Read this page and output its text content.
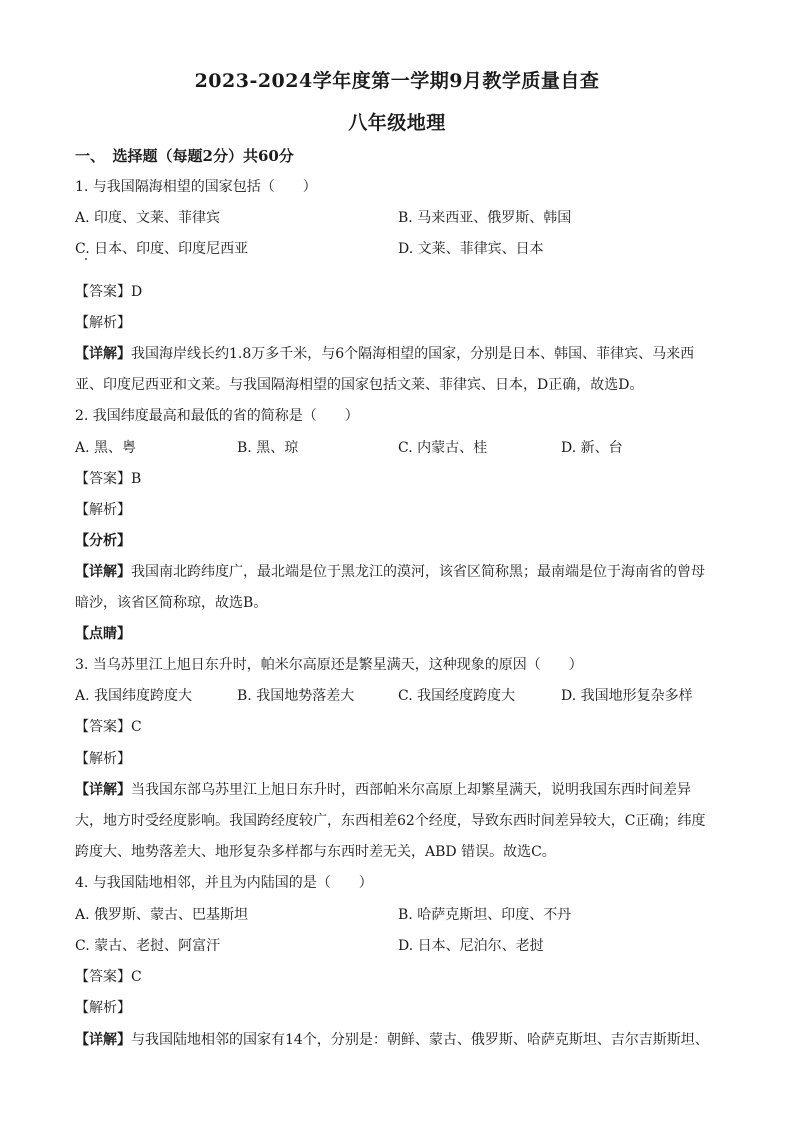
2023-2024学年度第一学期9月教学质量自查
八年级地理
一、　选择题（每题2分）共60分
1. 与我国隔海相望的国家包括（　　）
A. 印度、文莱、菲律宾	B. 马来西亚、俄罗斯、韩国
C. 日本、印度、印度尼西亚	D. 文莱、菲律宾、日本
【答案】D
【解析】
【详解】我国海岸线长约1.8万多千米，与6个隔海相望的国家，分别是日本、韩国、菲律宾、马来西
亚、印度尼西亚和文莱。与我国隔海相望的国家包括文莱、菲律宾、日本，D正确，故选D。
2. 我国纬度最高和最低的省的简称是（　　）
A. 黑、粤	B. 黑、琼	C. 内蒙古、桂	D. 新、台
【答案】B
【解析】
【分析】
【详解】我国南北跨纬度广，最北端是位于黑龙江的漠河，该省区简称黑；最南端是位于海南省的曾母
暗沙，该省区简称琼，故选B。
【点睛】
3. 当乌苏里江上旭日东升时，帕米尔高原还是繁星满天，这种现象的原因（　　）
A. 我国纬度跨度大	B. 我国地势落差大	C. 我国经度跨度大	D. 我国地形复杂多样
【答案】C
【解析】
【详解】当我国东部乌苏里江上旭日东升时，西部帕米尔高原上却繁星满天，说明我国东西时间差异
大，地方时受经度影响。我国跨经度较广，东西相差62个经度，导致东西时间差异较大，C正确；纬度
跨度大、地势落差大、地形复杂多样都与东西时差无关，ABD 错误。故选C。
4. 与我国陆地相邻，并且为内陆国的是（　　）
A. 俄罗斯、蒙古、巴基斯坦	B. 哈萨克斯坦、印度、不丹
C. 蒙古、老挝、阿富汗	D. 日本、尼泊尔、老挝
【答案】C
【解析】
【详解】与我国陆地相邻的国家有14个，分别是：朝鲜、蒙古、俄罗斯、哈萨克斯坦、吉尔吉斯斯坦、
